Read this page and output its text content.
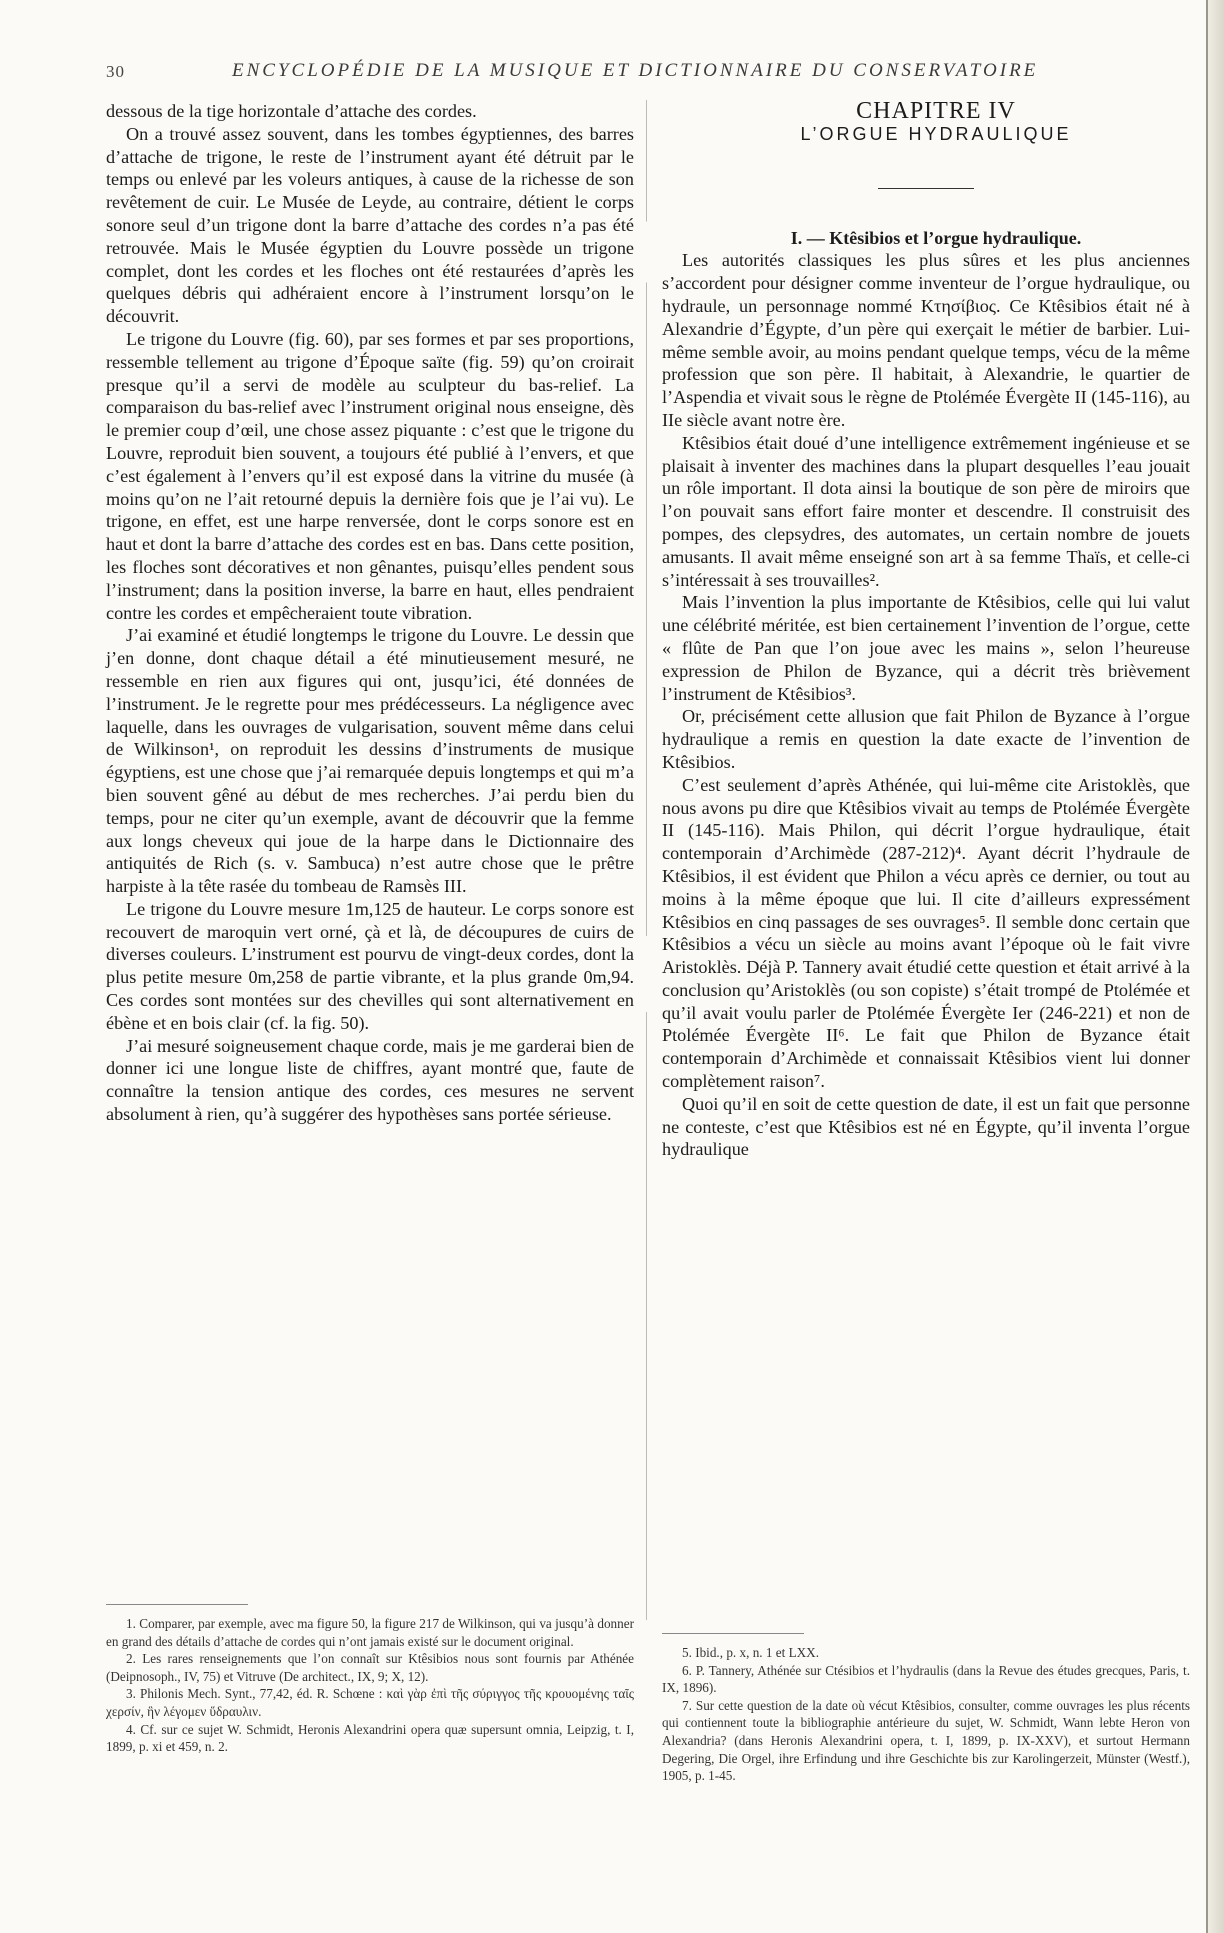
30	ENCYCLOPÉDIE DE LA MUSIQUE ET DICTIONNAIRE DU CONSERVATOIRE

dessous de la tige horizontale d’attache des cordes.

On a trouvé assez souvent, dans les tombes égyptiennes, des barres d’attache de trigone, le reste de l’instrument ayant été détruit par le temps ou enlevé par les voleurs antiques, à cause de la richesse de son revêtement de cuir. Le Musée de Leyde, au contraire, détient le corps sonore seul d’un trigone dont la barre d’attache des cordes n’a pas été retrouvée. Mais le Musée égyptien du Louvre possède un trigone complet, dont les cordes et les floches ont été restaurées d’après les quelques débris qui adhéraient encore à l’instrument lorsqu’on le découvrit.

Le trigone du Louvre (fig. 60), par ses formes et par ses proportions, ressemble tellement au trigone d’Époque saïte (fig. 59) qu’on croirait presque qu’il a servi de modèle au sculpteur du bas-relief. La comparaison du bas-relief avec l’instrument original nous enseigne, dès le premier coup d’œil, une chose assez piquante : c’est que le trigone du Louvre, reproduit bien souvent, a toujours été publié à l’envers, et que c’est également à l’envers qu’il est exposé dans la vitrine du musée (à moins qu’on ne l’ait retourné depuis la dernière fois que je l’ai vu). Le trigone, en effet, est une harpe renversée, dont le corps sonore est en haut et dont la barre d’attache des cordes est en bas. Dans cette position, les floches sont décoratives et non gênantes, puisqu’elles pendent sous l’instrument; dans la position inverse, la barre en haut, elles pendraient contre les cordes et empêcheraient toute vibration.

J’ai examiné et étudié longtemps le trigone du Louvre. Le dessin que j’en donne, dont chaque détail a été minutieusement mesuré, ne ressemble en rien aux figures qui ont, jusqu’ici, été données de l’instrument. Je le regrette pour mes prédécesseurs. La négligence avec laquelle, dans les ouvrages de vulgarisation, souvent même dans celui de Wilkinson¹, on reproduit les dessins d’instruments de musique égyptiens, est une chose que j’ai remarquée depuis longtemps et qui m’a bien souvent gêné au début de mes recherches. J’ai perdu bien du temps, pour ne citer qu’un exemple, avant de découvrir que la femme aux longs cheveux qui joue de la harpe dans le Dictionnaire des antiquités de Rich (s. v. Sambuca) n’est autre chose que le prêtre harpiste à la tête rasée du tombeau de Ramsès III.

Le trigone du Louvre mesure 1m,125 de hauteur. Le corps sonore est recouvert de maroquin vert orné, çà et là, de découpures de cuirs de diverses couleurs. L’instrument est pourvu de vingt-deux cordes, dont la plus petite mesure 0m,258 de partie vibrante, et la plus grande 0m,94. Ces cordes sont montées sur des chevilles qui sont alternativement en ébène et en bois clair (cf. la fig. 50).

J’ai mesuré soigneusement chaque corde, mais je me garderai bien de donner ici une longue liste de chiffres, ayant montré que, faute de connaître la tension antique des cordes, ces mesures ne servent absolument à rien, qu’à suggérer des hypothèses sans portée sérieuse.

CHAPITRE IV

L’ORGUE HYDRAULIQUE

I. — Ktêsibios et l’orgue hydraulique.

Les autorités classiques les plus sûres et les plus anciennes s’accordent pour désigner comme inventeur de l’orgue hydraulique, ou hydraule, un personnage nommé Κτησίβιος. Ce Ktêsibios était né à Alexandrie d’Égypte, d’un père qui exerçait le métier de barbier. Lui-même semble avoir, au moins pendant quelque temps, vécu de la même profession que son père. Il habitait, à Alexandrie, le quartier de l’Aspendia et vivait sous le règne de Ptolémée Évergète II (145-116), au IIe siècle avant notre ère.

Ktêsibios était doué d’une intelligence extrêmement ingénieuse et se plaisait à inventer des machines dans la plupart desquelles l’eau jouait un rôle important. Il dota ainsi la boutique de son père de miroirs que l’on pouvait sans effort faire monter et descendre. Il construisit des pompes, des clepsydres, des automates, un certain nombre de jouets amusants. Il avait même enseigné son art à sa femme Thaïs, et celle-ci s’intéressait à ses trouvailles².

Mais l’invention la plus importante de Ktêsibios, celle qui lui valut une célébrité méritée, est bien certainement l’invention de l’orgue, cette « flûte de Pan que l’on joue avec les mains », selon l’heureuse expression de Philon de Byzance, qui a décrit très brièvement l’instrument de Ktêsibios³.

Or, précisément cette allusion que fait Philon de Byzance à l’orgue hydraulique a remis en question la date exacte de l’invention de Ktêsibios.

C’est seulement d’après Athénée, qui lui-même cite Aristoklès, que nous avons pu dire que Ktêsibios vivait au temps de Ptolémée Évergète II (145-116). Mais Philon, qui décrit l’orgue hydraulique, était contemporain d’Archimède (287-212)⁴. Ayant décrit l’hydraule de Ktêsibios, il est évident que Philon a vécu après ce dernier, ou tout au moins à la même époque que lui. Il cite d’ailleurs expressément Ktêsibios en cinq passages de ses ouvrages⁵. Il semble donc certain que Ktêsibios a vécu un siècle au moins avant l’époque où le fait vivre Aristoklès. Déjà P. Tannery avait étudié cette question et était arrivé à la conclusion qu’Aristoklès (ou son copiste) s’était trompé de Ptolémée et qu’il avait voulu parler de Ptolémée Évergète Ier (246-221) et non de Ptolémée Évergète II⁶. Le fait que Philon de Byzance était contemporain d’Archimède et connaissait Ktêsibios vient lui donner complètement raison⁷.

Quoi qu’il en soit de cette question de date, il est un fait que personne ne conteste, c’est que Ktêsibios est né en Égypte, qu’il inventa l’orgue hydraulique

1. Comparer, par exemple, avec ma figure 50, la figure 217 de Wilkinson, qui va jusqu’à donner en grand des détails d’attache de cordes qui n’ont jamais existé sur le document original.

2. Les rares renseignements que l’on connaît sur Ktêsibios nous sont fournis par Athénée (Deipnosoph., IV, 75) et Vitruve (De architect., IX, 9; X, 12).

3. Philonis Mech. Synt., 77,42, éd. R. Schœne : καὶ γὰρ ἐπὶ τῆς σύριγγος τῆς κρουομένης ταῖς χερσίν, ἣν λέγομεν ὕδραυλιν.

4. Cf. sur ce sujet W. Schmidt, Heronis Alexandrini opera quæ supersunt omnia, Leipzig, t. I, 1899, p. xi et 459, n. 2.

5. Ibid., p. x, n. 1 et LXX.

6. P. Tannery, Athénée sur Ctésibios et l’hydraulis (dans la Revue des études grecques, Paris, t. IX, 1896).

7. Sur cette question de la date où vécut Ktêsibios, consulter, comme ouvrages les plus récents qui contiennent toute la bibliographie antérieure du sujet, W. Schmidt, Wann lebte Heron von Alexandria? (dans Heronis Alexandrini opera, t. I, 1899, p. IX-XXV), et surtout Hermann Degering, Die Orgel, ihre Erfindung und ihre Geschichte bis zur Karolingerzeit, Münster (Westf.), 1905, p. 1-45.
